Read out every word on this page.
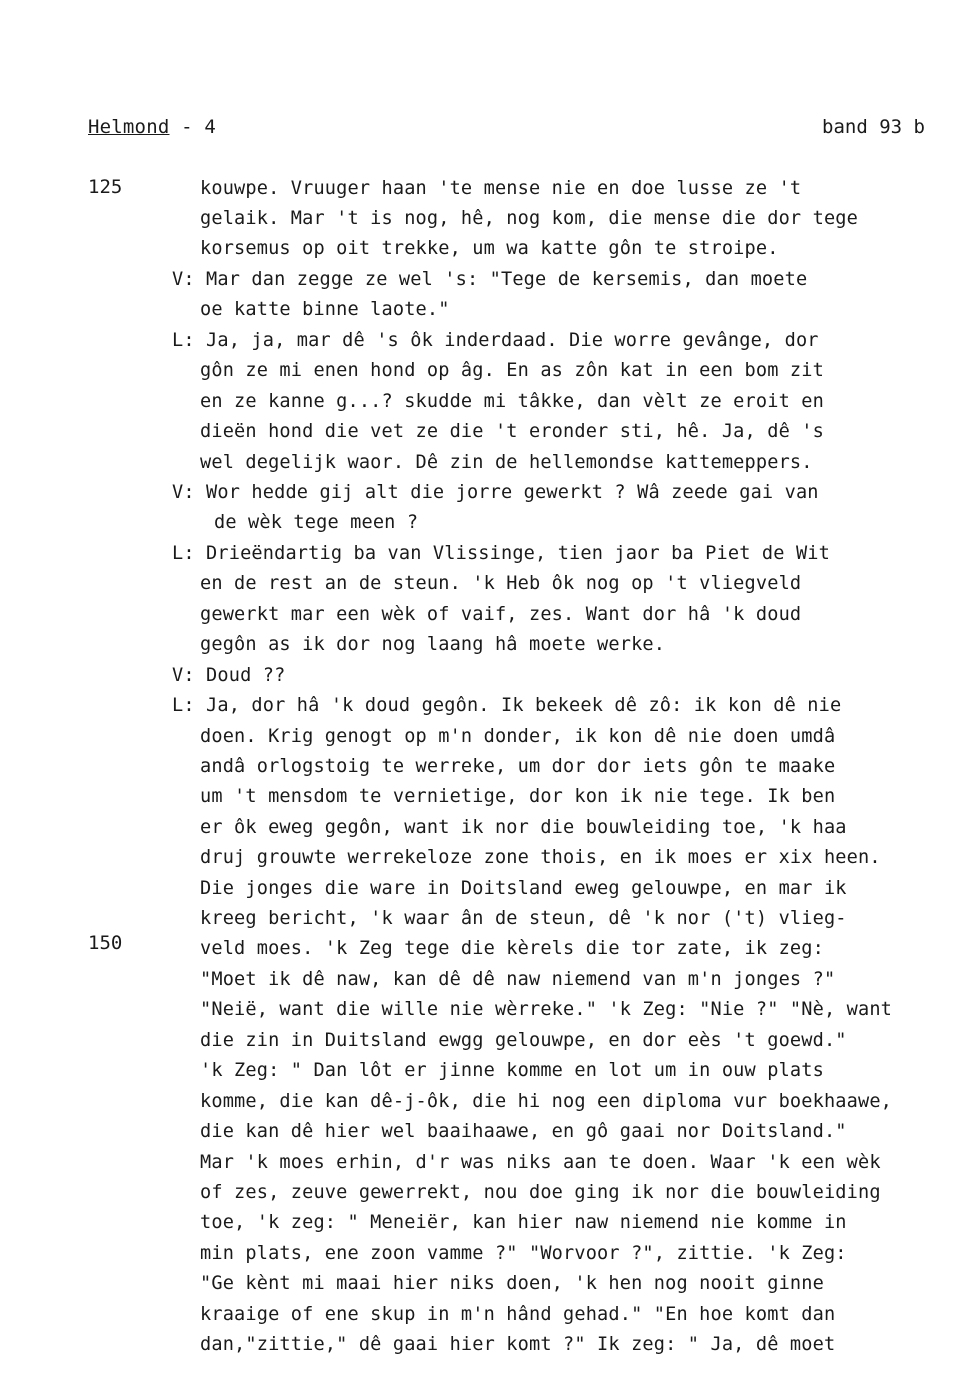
Helmond - 4	band 93 b
125
150
kouwpe. Vruuger haan 'te mense nie en doe lusse ze 't
gelaik. Mar 't is nog, hê, nog kom, die mense die dor tege
korsemus op oit trekke, um wa katte gôn te stroipe.
V: Mar dan zegge ze wel 's: "Tege de kersemis, dan moete
oe katte binne laote."
L: Ja, ja, mar dê 's ôk inderdaad. Die worre gevânge, dor
gôn ze mi enen hond op âg. En as zôn kat in een bom zit
en ze kanne g...? skudde mi tâkke, dan vèlt ze eroit en
dieën hond die vet ze die 't eronder sti, hê. Ja, dê 's
wel degelijk waor. Dê zin de hellemondse kattemeppers.
V: Wor hedde gij alt die jorre gewerkt ? Wâ zeede gai van
de wèk tege meen ?
L: Drieëndartig ba van Vlissinge, tien jaor ba Piet de Wit
en de rest an de steun. 'k Heb ôk nog op 't vliegveld
gewerkt mar een wèk of vaif, zes. Want dor hâ 'k doud
gegôn as ik dor nog laang hâ moete werke.
V: Doud ??
L: Ja, dor hâ 'k doud gegôn. Ik bekeek dê zô: ik kon dê nie
doen. Krig genogt op m'n donder, ik kon dê nie doen umdâ
andâ orlogstoig te werreke, um dor dor iets gôn te maake
um 't mensdom te vernietige, dor kon ik nie tege. Ik ben
er ôk eweg gegôn, want ik nor die bouwleiding toe, 'k haa
druj grouwte werrekeloze zone thois, en ik moes er xix heen.
Die jonges die ware in Doitsland eweg gelouwpe, en mar ik
kreeg bericht, 'k waar ân de steun, dê 'k nor ('t) vlieg-
veld moes. 'k Zeg tege die kèrels die tor zate, ik zeg:
"Moet ik dê naw, kan dê dê naw niemend van m'n jonges ?"
"Neië, want die wille nie wèrreke." 'k Zeg: "Nie ?" "Nè, want
die zin in Duitsland ewgg gelouwpe, en dor eès 't goewd."
'k Zeg: " Dan lôt er jinne komme en lot um in ouw plats
komme, die kan dê-j-ôk, die hi nog een diploma vur boekhaawe,
die kan dê hier wel baaihaawe, en gô gaai nor Doitsland."
Mar 'k moes erhin, d'r was niks aan te doen. Waar 'k een wèk
of zes, zeuve gewerrekt, nou doe ging ik nor die bouwleiding
toe, 'k zeg: " Meneiër, kan hier naw niemend nie komme in
min plats, ene zoon vamme ?" "Worvoor ?", zittie. 'k Zeg:
"Ge kènt mi maai hier niks doen, 'k hen nog nooit ginne
kraaige of ene skup in m'n hând gehad." "En hoe komt dan
dan,"zittie," dê gaai hier komt ?" Ik zeg: " Ja, dê moet
